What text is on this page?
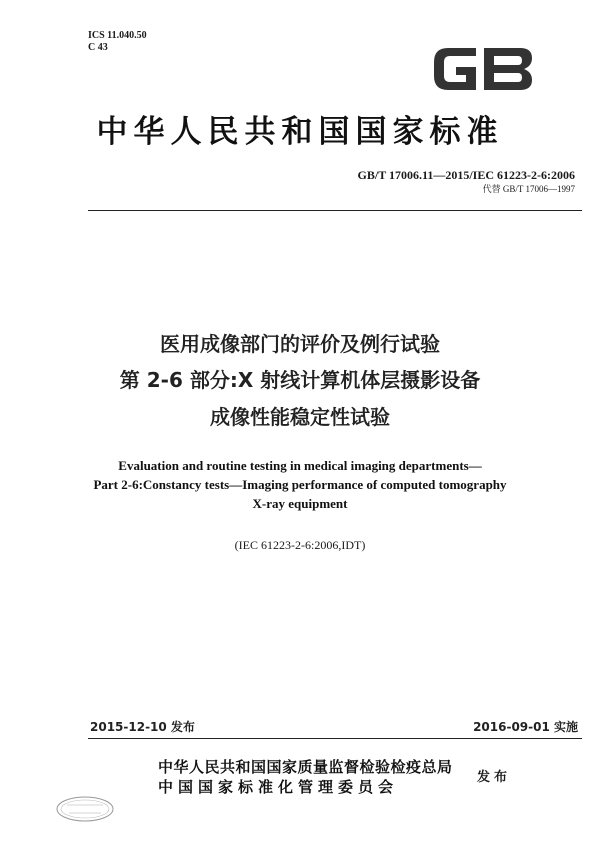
ICS 11.040.50
C 43
中华人民共和国国家标准
GB/T 17006.11—2015/IEC 61223-2-6:2006
代替 GB/T 17006—1997
医用成像部门的评价及例行试验
第 2-6 部分:X 射线计算机体层摄影设备
成像性能稳定性试验
Evaluation and routine testing in medical imaging departments—
Part 2-6:Constancy tests—Imaging performance of computed tomography
X-ray equipment
(IEC 61223-2-6:2006,IDT)
2015-12-10 发布	2016-09-01 实施
中华人民共和国国家质量监督检验检疫总局
中国国家标准化管理委员会
发布
